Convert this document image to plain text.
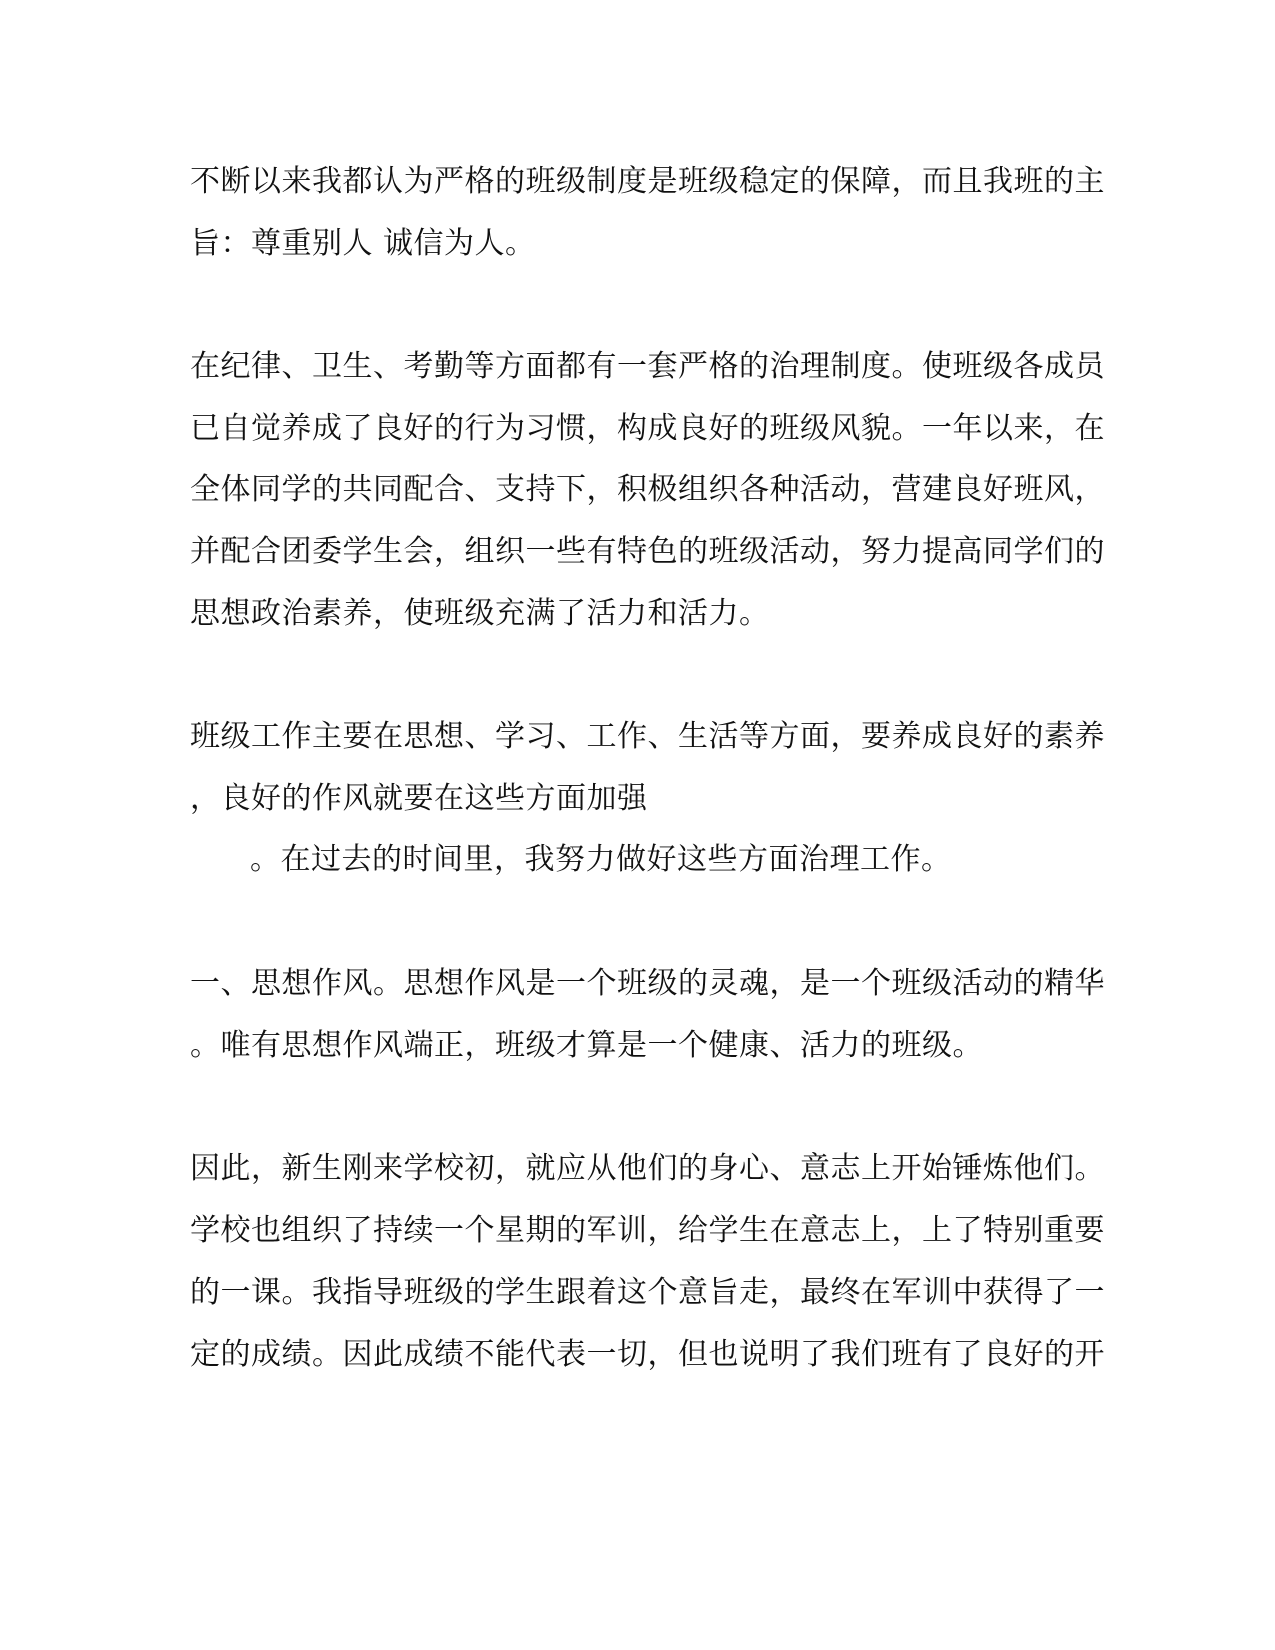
不断以来我都认为严格的班级制度是班级稳定的保障，而且我班的主
旨：尊重别人 诚信为人。
在纪律、卫生、考勤等方面都有一套严格的治理制度。使班级各成员
已自觉养成了良好的行为习惯，构成良好的班级风貌。一年以来，在
全体同学的共同配合、支持下，积极组织各种活动，营建良好班风，
并配合团委学生会，组织一些有特色的班级活动，努力提高同学们的
思想政治素养，使班级充满了活力和活力。
班级工作主要在思想、学习、工作、生活等方面，要养成良好的素养
，良好的作风就要在这些方面加强
。在过去的时间里，我努力做好这些方面治理工作。
一、思想作风。思想作风是一个班级的灵魂，是一个班级活动的精华
。唯有思想作风端正，班级才算是一个健康、活力的班级。
因此，新生刚来学校初，就应从他们的身心、意志上开始锤炼他们。
学校也组织了持续一个星期的军训，给学生在意志上，上了特别重要
的一课。我指导班级的学生跟着这个意旨走，最终在军训中获得了一
定的成绩。因此成绩不能代表一切，但也说明了我们班有了良好的开
